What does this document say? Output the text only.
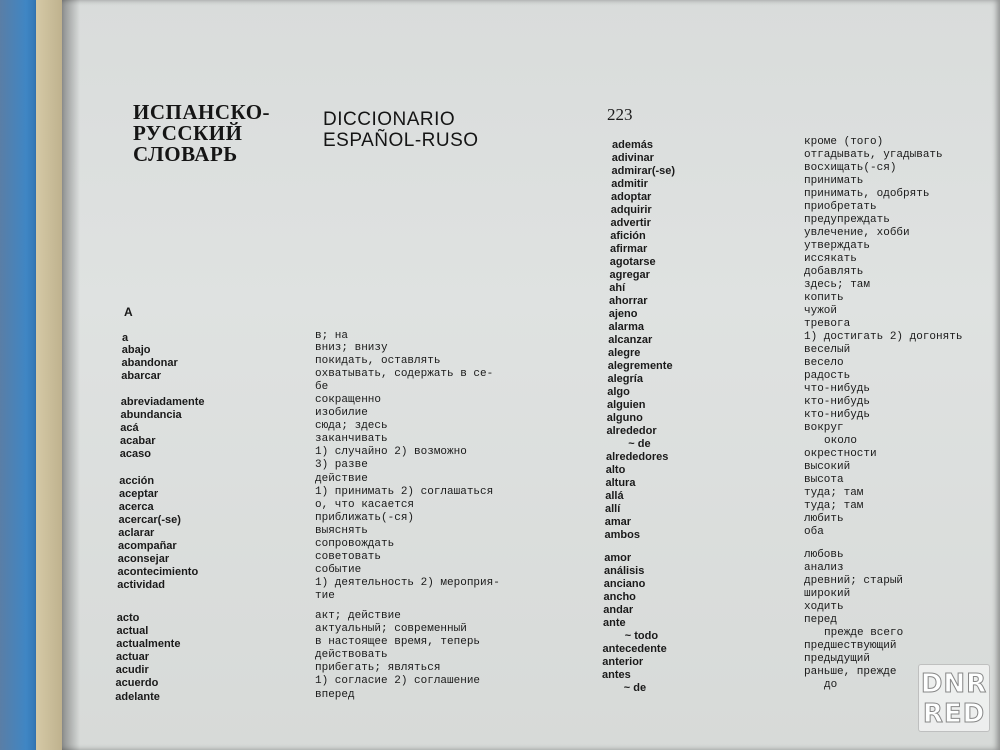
ИСПАНСКО-
РУССКИЙ
СЛОВАРЬ
DICCIONARIO
ESPAÑOL-RUSO
223
A
DNR
RED
a	в; на
abajo	вниз; внизу
abandonar	покидать, оставлять
abarcar	охватывать, содержать в се-
бе
abreviadamente	сокращенно
abundancia	изобилие
acá	сюда; здесь
acabar	заканчивать
acaso	1) случайно 2) возможно
3) разве
acción	действие
aceptar	1) принимать 2) соглашаться
acerca	о, что касается
acercar(-se)	приближать(-ся)
aclarar	выяснять
acompañar	сопровождать
aconsejar	советовать
acontecimiento	событие
actividad	1) деятельность 2) мероприя-
тие
acto	акт; действие
actual	актуальный; современный
actualmente	в настоящее время, теперь
actuar	действовать
acudir	прибегать; являться
acuerdo	1) согласие 2) соглашение
adelante	вперед
además	кроме (того)
adivinar	отгадывать, угадывать
admirar(-se)	восхищать(-ся)
admitir	принимать
adoptar	принимать, одобрять
adquirir	приобретать
advertir	предупреждать
afición	увлечение, хобби
afirmar	утверждать
agotarse	иссякать
agregar	добавлять
ahí	здесь; там
ahorrar	копить
ajeno	чужой
alarma	тревога
alcanzar	1) достигать 2) догонять
alegre	веселый
alegremente	весело
alegría	радость
algo	что-нибудь
alguien	кто-нибудь
alguno	кто-нибудь
alrededor	вокруг
~ de	около
alrededores	окрестности
alto	высокий
altura	высота
allá	туда; там
allí	туда; там
amar	любить
ambos	оба
amor	любовь
análisis	анализ
anciano	древний; старый
ancho	широкий
andar	ходить
ante	перед
~ todo	прежде всего
antecedente	предшествующий
anterior	предыдущий
antes	раньше, прежде
~ de	до
